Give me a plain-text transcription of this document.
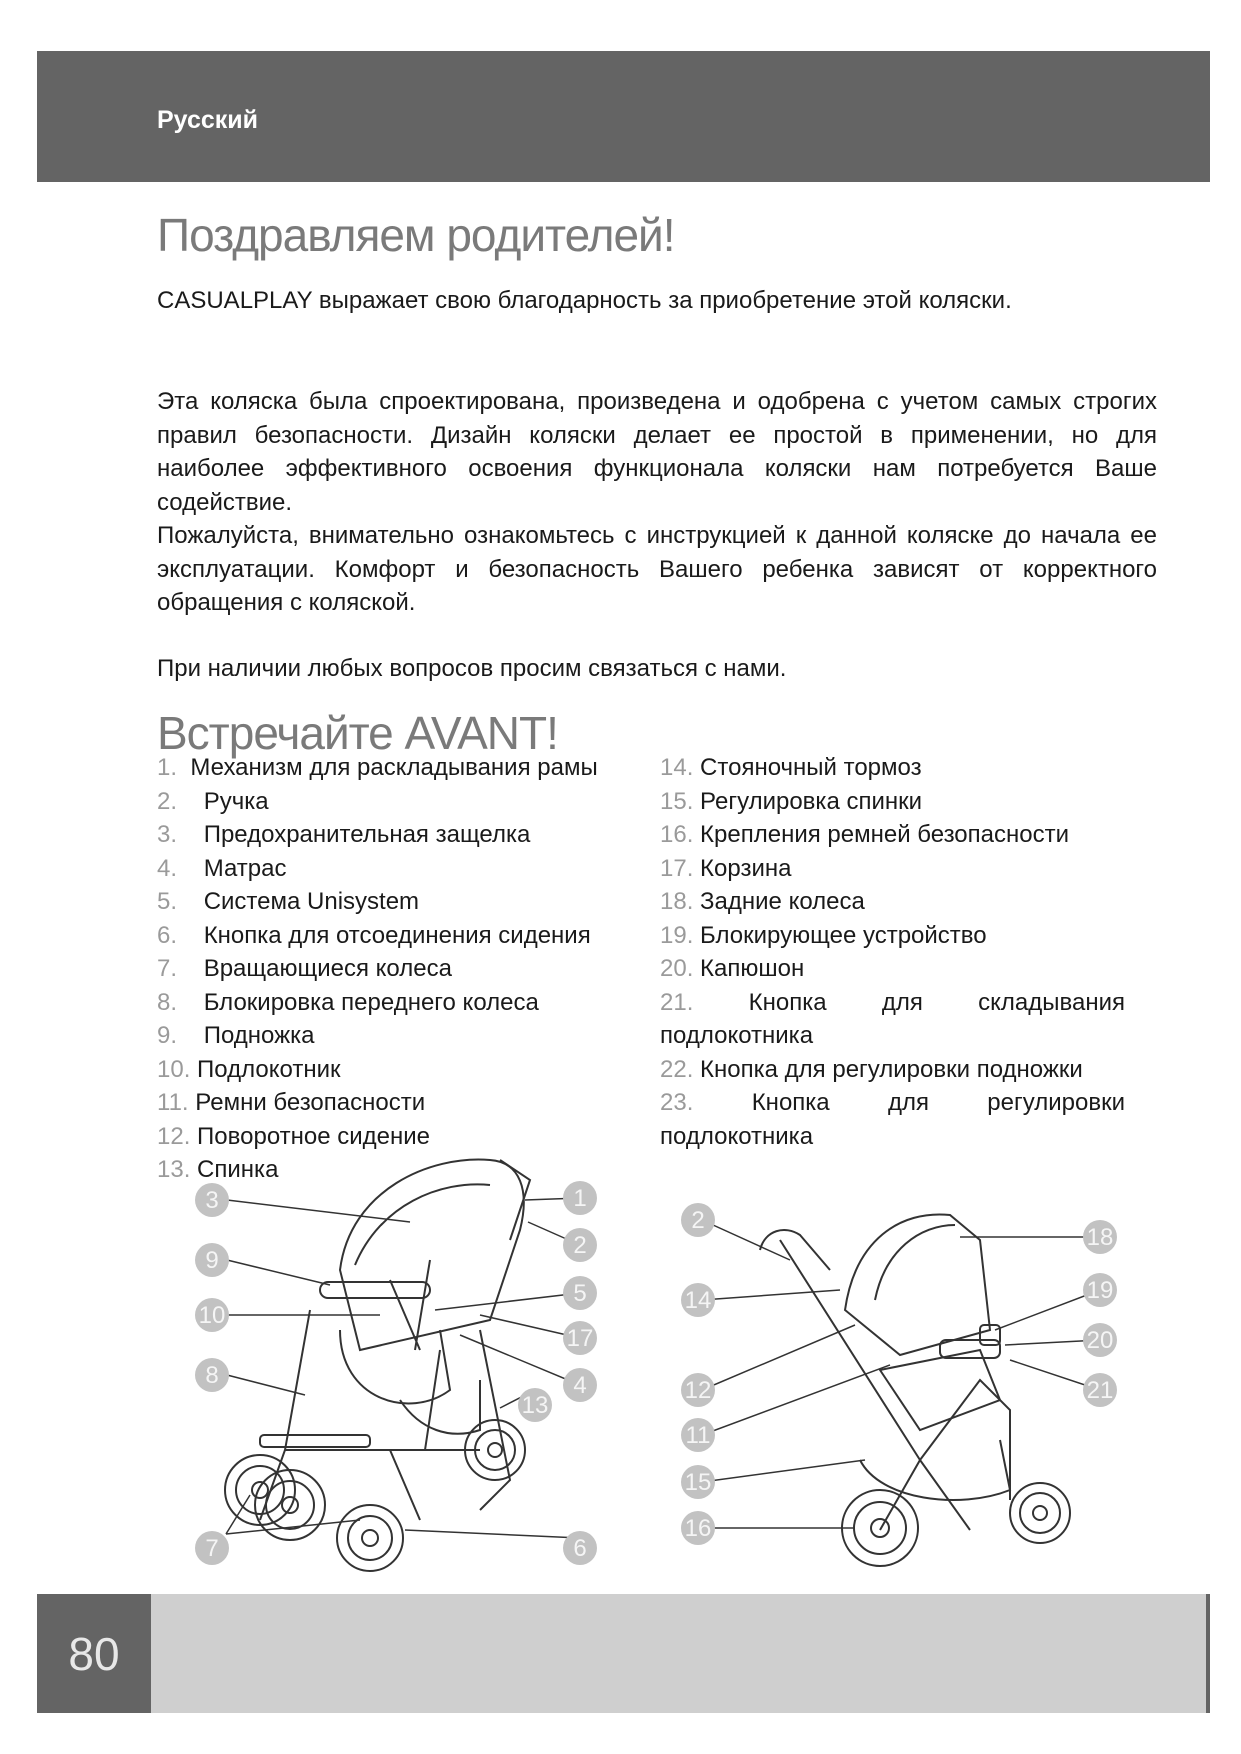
Русский
Поздравляем родителей!

CASUALPLAY выражает свою благодарность за приобретение этой коляски.

Эта коляска была спроектирована, произведена и одобрена с учетом самых строгих правил безопасности. Дизайн коляски делает ее простой в применении, но для наиболее эффективного освоения функционала коляски нам потребуется Ваше содействие.

Пожалуйста, внимательно ознакомьтесь с инструкцией к данной коляске до начала ее эксплуатации. Комфорт и безопасность Вашего ребенка зависят от корректного обращения с коляской.

При наличии любых вопросов просим связаться с нами.

Встречайте AVANT!
1. Механизм для раскладывания рамы
2. Ручка
3. Предохранительная защелка
4. Матрас
5. Система Unisystem
6. Кнопка для отсоединения сидения
7. Вращающиеся колеса
8. Блокировка переднего колеса
9. Подножка
10. Подлокотник
11. Ремни безопасности
12. Поворотное сидение
13. Спинка
14. Стояночный тормоз
15. Регулировка спинки
16. Крепления ремней безопасности
17. Корзина
18. Задние колеса
19. Блокирующее устройство
20. Капюшон
21. Кнопка для складывания подлокотника
22. Кнопка для регулировки подножки
23. Кнопка для регулировки подлокотника
3
9
10
8
7
1
2
5
17
4
13
6
2
14
12
11
15
16
18
19
20
21
80
